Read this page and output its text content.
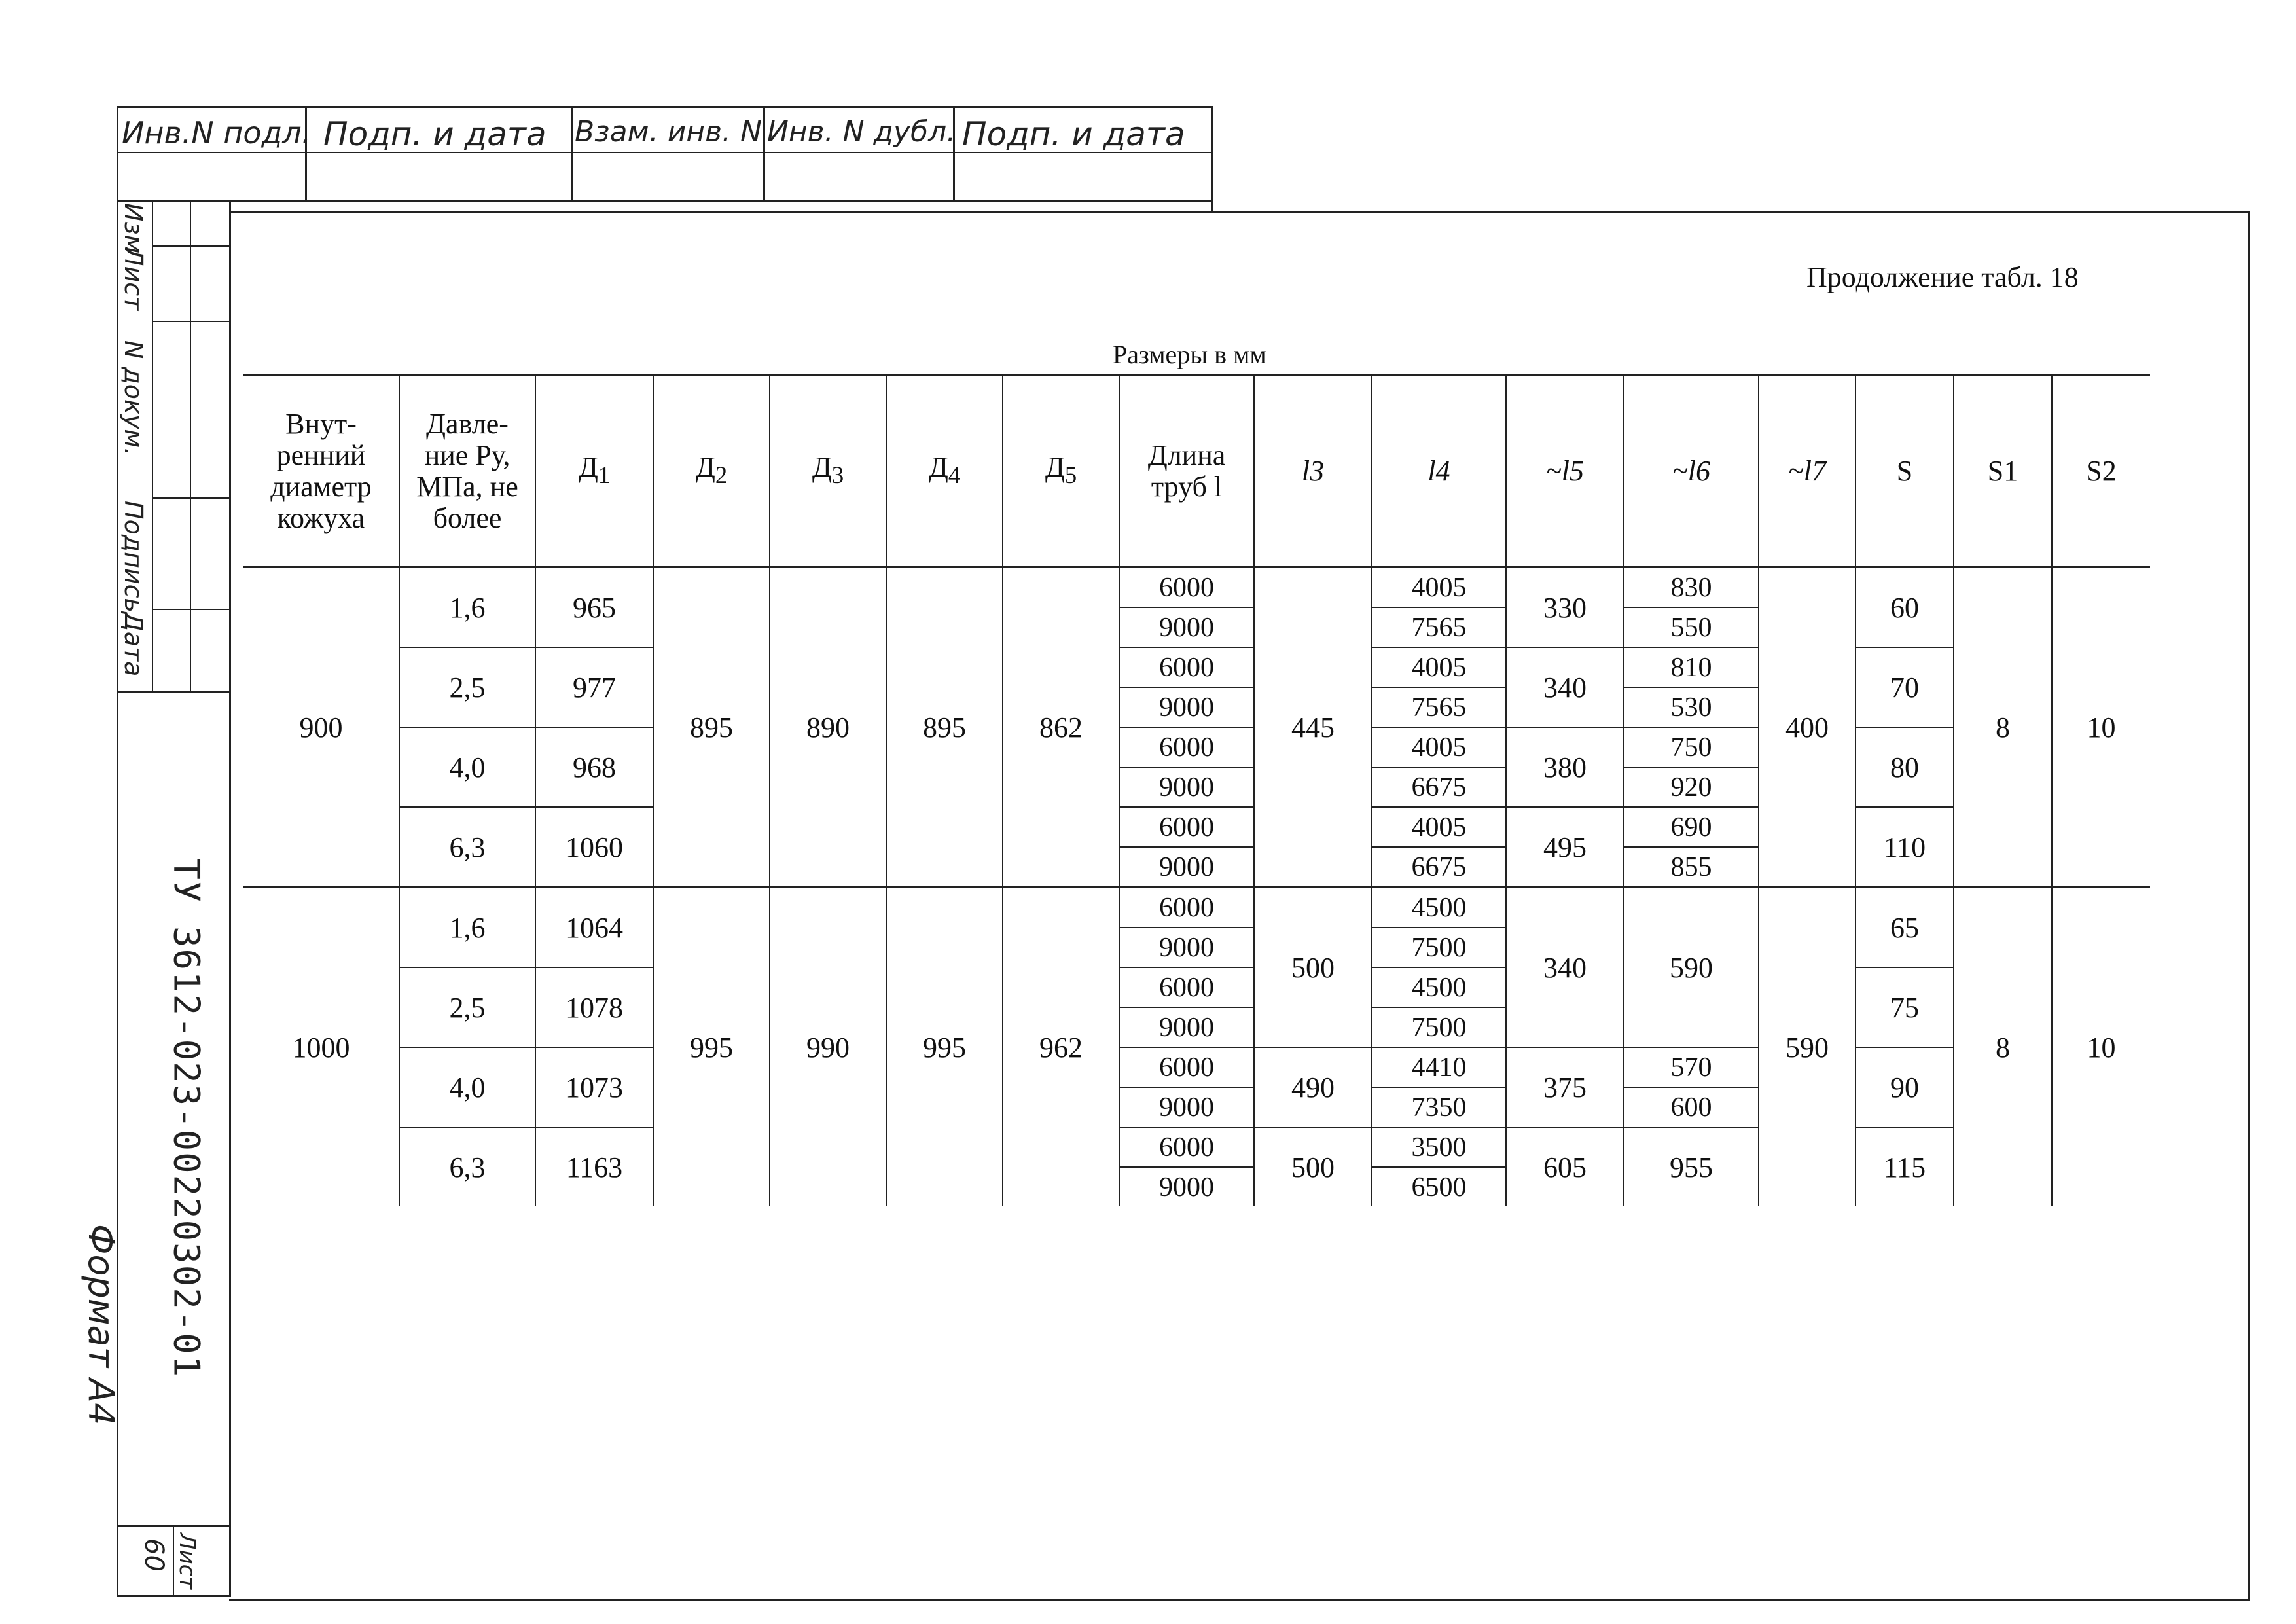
Инв.N подл. Подп. и дата Взам. инв. N Инв. N дубл. Подп. и дата
Изм
Лист
N докум.
Подпись
Дата
ТУ 3612-023-00220302-01
Формат А4
Лист
60
Продолжение табл. 18
Размеры в мм
Внут-ренний диаметр кожуха	Давле-ние Ру, МПа, не более	$Д_1$	$Д_2$	$Д_3$	$Д_4$	$Д_5$	Длина труб l	l3	l4	~l5	~l6	~l7	S	S1	S2
900	1,6	965	895	890	895	862	6000	445	4005	330	830	400	60	8	10
							9000		7565		550				
	2,5	977					6000		4005	340	810		70		
							9000		7565		530				
	4,0	968					6000		4005	380	750		80		
							9000		6675		920				
	6,3	1060					6000		4005	495	690		110		
							9000		6675		855				
1000	1,6	1064	995	990	995	962	6000	500	4500	340	590	590	65	8	10
							9000		7500						
	2,5	1078					6000		4500				75		
							9000		7500						
	4,0	1073					6000	490	4410	375	570		90		
							9000		7350		600				
	6,3	1163					6000	500	3500	605	955		115		
							9000		6500						
